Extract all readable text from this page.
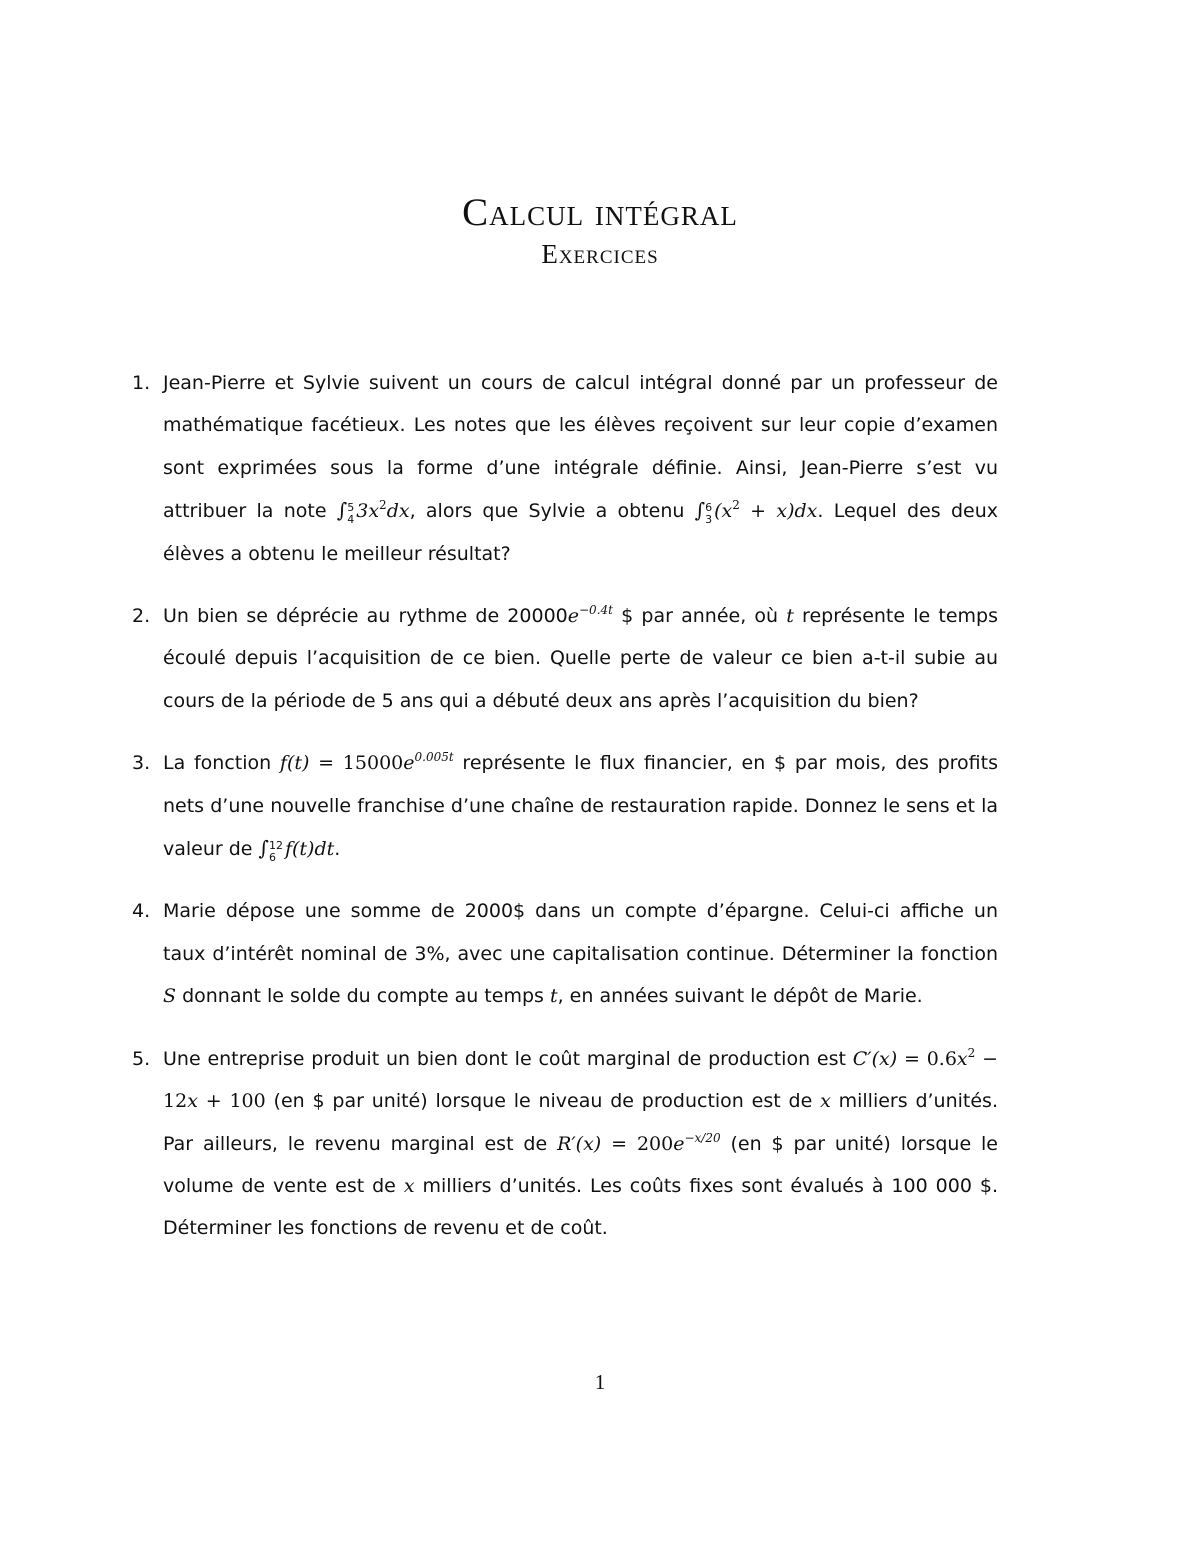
Calcul intégral
Exercices
1. Jean-Pierre et Sylvie suivent un cours de calcul intégral donné par un professeur de mathématique facétieux. Les notes que les élèves reçoivent sur leur copie d’examen sont exprimées sous la forme d’une intégrale définie. Ainsi, Jean-Pierre s’est vu attribuer la note ∫ 5
4 $3x^2dx$, alors que Sylvie a obtenu ∫ 6
3 $(x^2 + x)dx$. Lequel des deux élèves a obtenu le meilleur résultat?
2. Un bien se déprécie au rythme de $20000e^{-0.4t}$ $ par année, où t représente le temps écoulé depuis l’acquisition de ce bien. Quelle perte de valeur ce bien a-t-il subie au cours de la période de 5 ans qui a débuté deux ans après l’acquisition du bien?
3. La fonction $f(t) = 15000e^{0.005t}$ représente le flux financier, en $ par mois, des profits nets d’une nouvelle franchise d’une chaîne de restauration rapide. Donnez le sens et la valeur de ∫ 12
6 f(t)dt.
4. Marie dépose une somme de 2000$ dans un compte d’épargne. Celui-ci affiche un taux d’intérêt nominal de 3%, avec une capitalisation continue. Déterminer la fonction S donnant le solde du compte au temps t, en années suivant le dépôt de Marie.
5. Une entreprise produit un bien dont le coût marginal de production est $C'(x) = 0.6x^2 - 12x + 100$ (en $ par unité) lorsque le niveau de production est de x milliers d’unités. Par ailleurs, le revenu marginal est de $R'(x) = 200e^{-x/20}$ (en $ par unité) lorsque le volume de vente est de x milliers d’unités. Les coûts fixes sont évalués à 100 000 $. Déterminer les fonctions de revenu et de coût.
1
